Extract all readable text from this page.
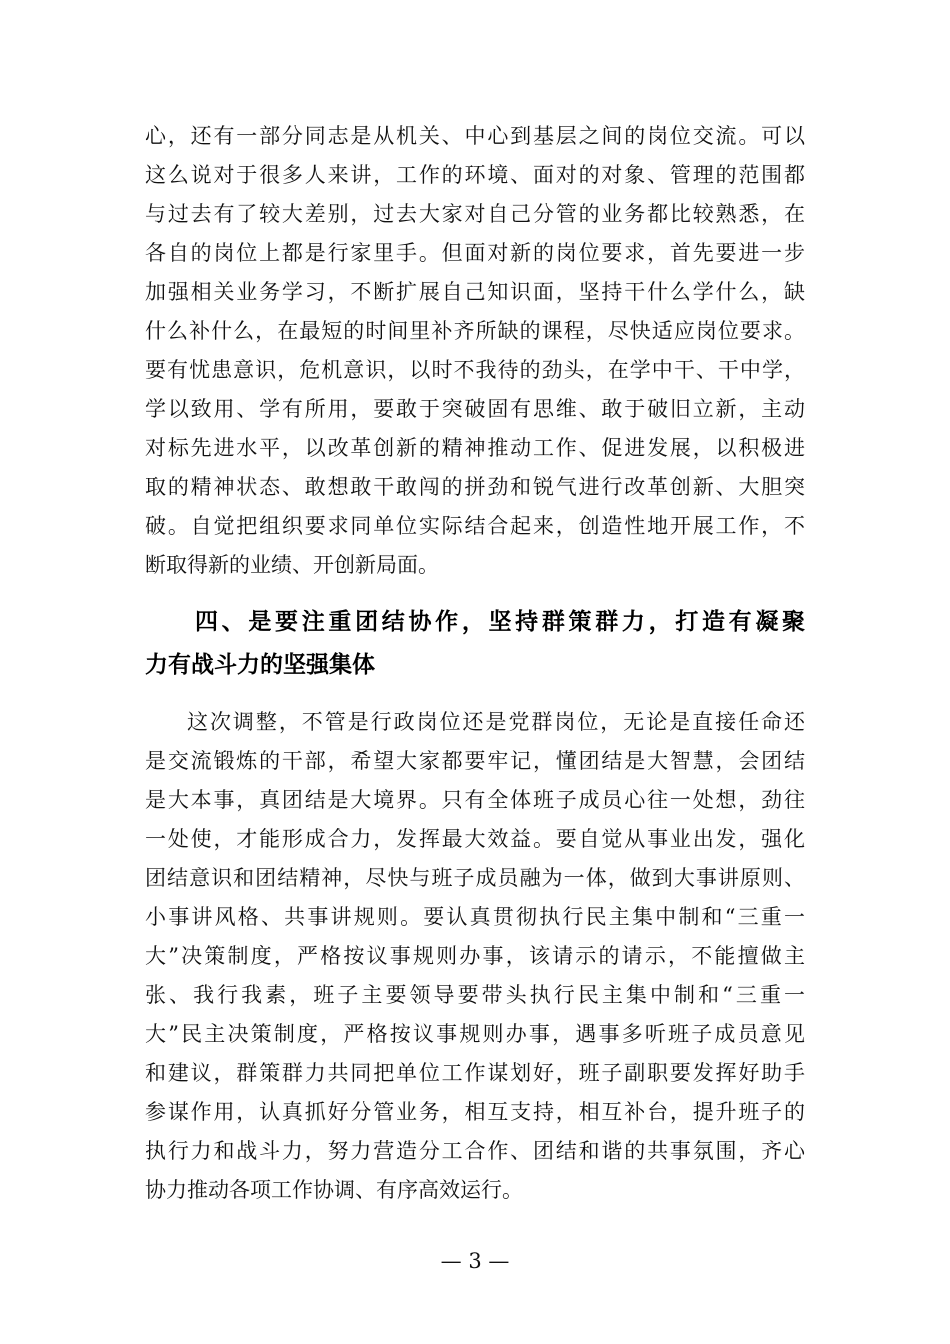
心，还有一部分同志是从机关、中心到基层之间的岗位交流。可以
这么说对于很多人来讲，工作的环境、面对的对象、管理的范围都
与过去有了较大差别，过去大家对自己分管的业务都比较熟悉，在
各自的岗位上都是行家里手。但面对新的岗位要求，首先要进一步
加强相关业务学习，不断扩展自己知识面，坚持干什么学什么，缺
什么补什么，在最短的时间里补齐所缺的课程，尽快适应岗位要求。
要有忧患意识，危机意识，以时不我待的劲头，在学中干、干中学，
学以致用、学有所用，要敢于突破固有思维、敢于破旧立新，主动
对标先进水平，以改革创新的精神推动工作、促进发展，以积极进
取的精神状态、敢想敢干敢闯的拼劲和锐气进行改革创新、大胆突
破。自觉把组织要求同单位实际结合起来，创造性地开展工作，不
断取得新的业绩、开创新局面。
四、是要注重团结协作，坚持群策群力，打造有凝聚
力有战斗力的坚强集体
这次调整，不管是行政岗位还是党群岗位，无论是直接任命还
是交流锻炼的干部，希望大家都要牢记，懂团结是大智慧，会团结
是大本事，真团结是大境界。只有全体班子成员心往一处想，劲往
一处使，才能形成合力，发挥最大效益。要自觉从事业出发，强化
团结意识和团结精神，尽快与班子成员融为一体，做到大事讲原则、
小事讲风格、共事讲规则。要认真贯彻执行民主集中制和“三重一
大”决策制度，严格按议事规则办事，该请示的请示，不能擅做主
张、我行我素，班子主要领导要带头执行民主集中制和“三重一
大”民主决策制度，严格按议事规则办事，遇事多听班子成员意见
和建议，群策群力共同把单位工作谋划好，班子副职要发挥好助手
参谋作用，认真抓好分管业务，相互支持，相互补台，提升班子的
执行力和战斗力，努力营造分工合作、团结和谐的共事氛围，齐心
协力推动各项工作协调、有序高效运行。
— 3 —
